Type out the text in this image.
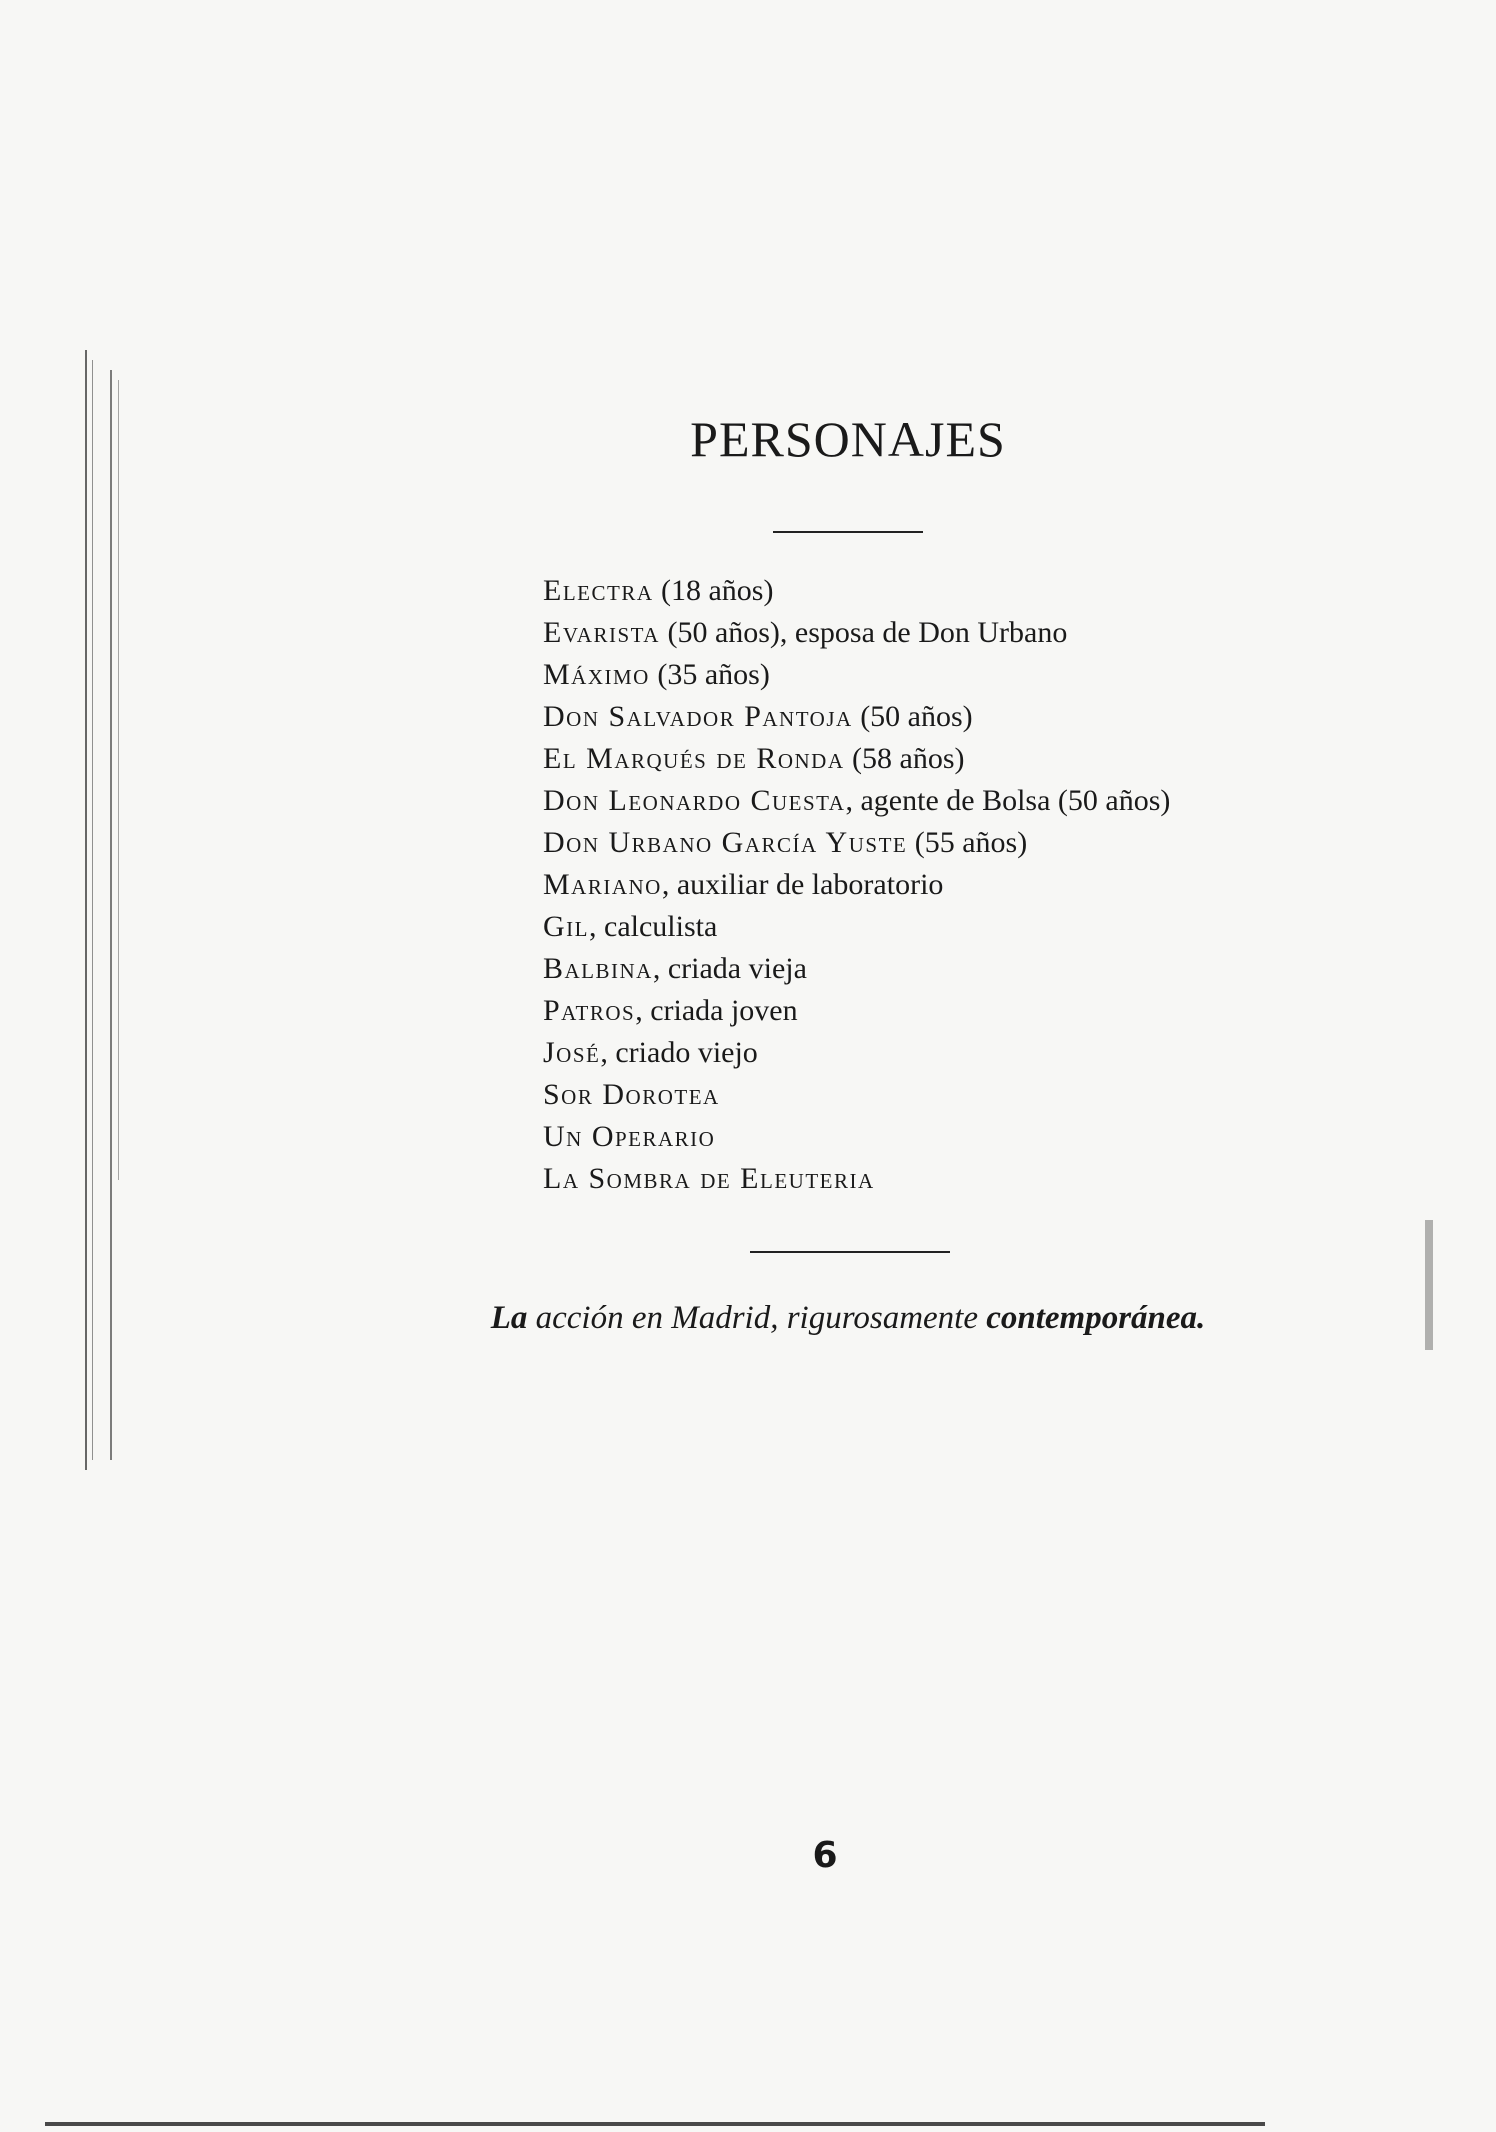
PERSONAJES
Electra (18 años)
Evarista (50 años), esposa de Don Urbano
Máximo (35 años)
Don Salvador Pantoja (50 años)
El Marqués de Ronda (58 años)
Don Leonardo Cuesta, agente de Bolsa (50 años)
Don Urbano García Yuste (55 años)
Mariano, auxiliar de laboratorio
Gil, calculista
Balbina, criada vieja
Patros, criada joven
José, criado viejo
Sor Dorotea
Un Operario
La Sombra de Eleuteria

La acción en Madrid, rigurosamente contemporánea.

6
